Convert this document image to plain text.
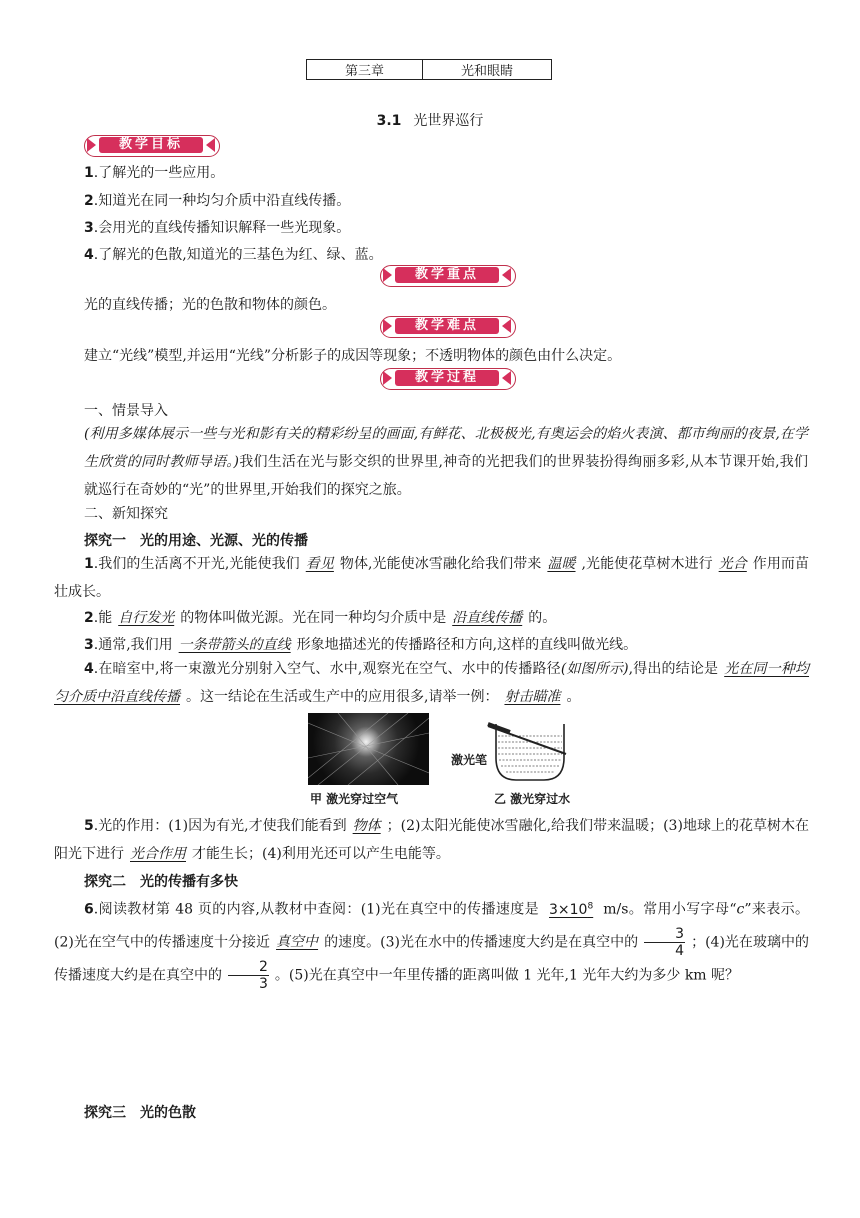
第三章	光和眼睛
3.1 光世界巡行
教学目标
1.了解光的一些应用。
2.知道光在同一种均匀介质中沿直线传播。
3.会用光的直线传播知识解释一些光现象。
4.了解光的色散,知道光的三基色为红、绿、蓝。
教学重点
光的直线传播；光的色散和物体的颜色。
教学难点
建立“光线”模型,并运用“光线”分析影子的成因等现象；不透明物体的颜色由什么决定。
教学过程
一、情景导入
(利用多媒体展示一些与光和影有关的精彩纷呈的画面,有鲜花、北极极光,有奥运会的焰火表演、都市绚丽的夜景,在学生欣赏的同时教师导语。)我们生活在光与影交织的世界里,神奇的光把我们的世界装扮得绚丽多彩,从本节课开始,我们就巡行在奇妙的“光”的世界里,开始我们的探究之旅。
二、新知探究
探究一　光的用途、光源、光的传播
1.我们的生活离不开光,光能使我们 看见 物体,光能使冰雪融化给我们带来 温暖 ,光能使花草树木进行 光合 作用而苗壮成长。
2.能 自行发光 的物体叫做光源。光在同一种均匀介质中是 沿直线传播 的。
3.通常,我们用 一条带箭头的直线 形象地描述光的传播路径和方向,这样的直线叫做光线。
4.在暗室中,将一束激光分别射入空气、水中,观察光在空气、水中的传播路径(如图所示),得出的结论是 光在同一种均匀介质中沿直线传播 。这一结论在生活或生产中的应用很多,请举一例： 射击瞄准 。
甲 激光穿过空气
激光笔
乙 激光穿过水
5.光的作用：(1)因为有光,才使我们能看到 物体 ；(2)太阳光能使冰雪融化,给我们带来温暖；(3)地球上的花草树木在阳光下进行 光合作用 才能生长；(4)利用光还可以产生电能等。
探究二　光的传播有多快
6.阅读教材第 48 页的内容,从教材中查阅：(1)光在真空中的传播速度是 $3\times 10^8$ m/s。常用小写字母“c”来表示。(2)光在空气中的传播速度十分接近 真空中 的速度。(3)光在水中的传播速度大约是在真空中的 $\frac{3}{4}$ ；(4)光在玻璃中的传播速度大约是在真空中的 $\frac{2}{3}$ 。(5)光在真空中一年里传播的距离叫做 1 光年,1 光年大约为多少 km 呢？
探究三　光的色散
